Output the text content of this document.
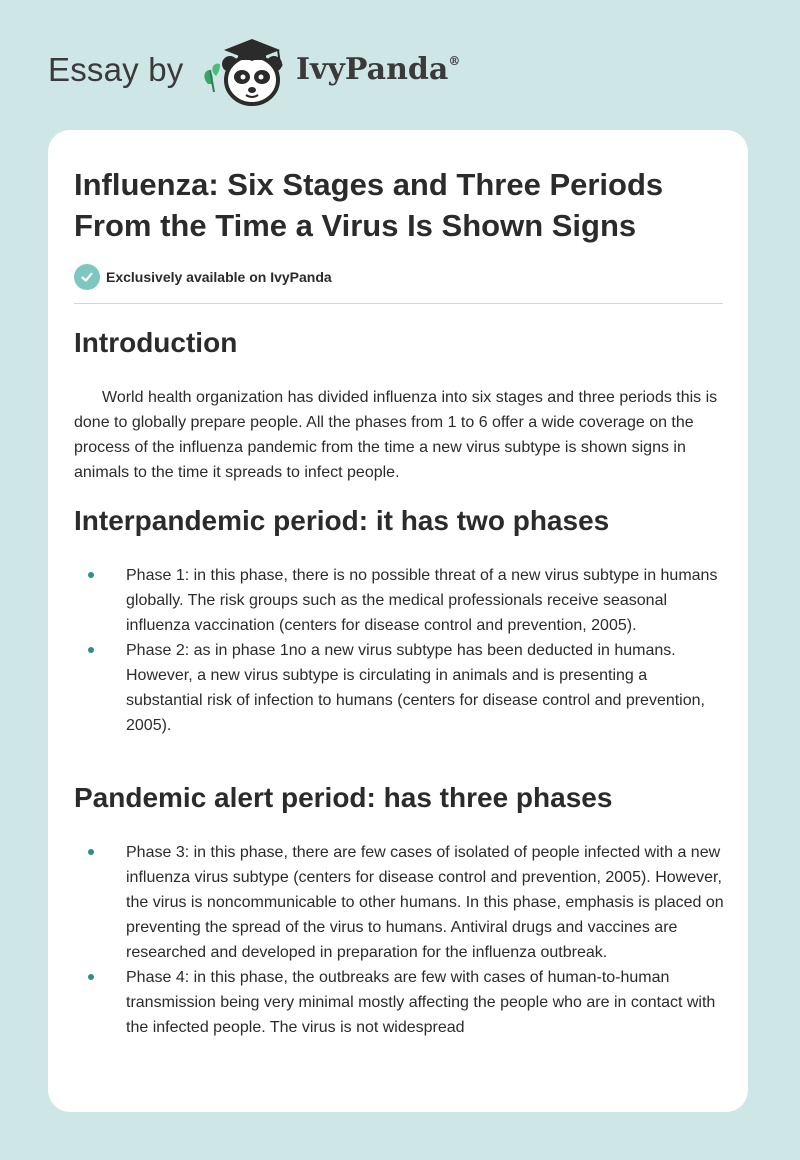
Essay by	IvyPanda®
Influenza: Six Stages and Three Periods From the Time a Virus Is Shown Signs
Exclusively available on IvyPanda
Introduction

World health organization has divided influenza into six stages and three periods this is done to globally prepare people. All the phases from 1 to 6 offer a wide coverage on the process of the influenza pandemic from the time a new virus subtype is shown signs in animals to the time it spreads to infect people.

Interpandemic period: it has two phases
Phase 1: in this phase, there is no possible threat of a new virus subtype in humans globally. The risk groups such as the medical professionals receive seasonal influenza vaccination (centers for disease control and prevention, 2005).
Phase 2: as in phase 1no a new virus subtype has been deducted in humans. However, a new virus subtype is circulating in animals and is presenting a substantial risk of infection to humans (centers for disease control and prevention, 2005).
Pandemic alert period: has three phases
Phase 3: in this phase, there are few cases of isolated of people infected with a new influenza virus subtype (centers for disease control and prevention, 2005). However, the virus is noncommunicable to other humans. In this phase, emphasis is placed on preventing the spread of the virus to humans. Antiviral drugs and vaccines are researched and developed in preparation for the influenza outbreak.
Phase 4: in this phase, the outbreaks are few with cases of human-to-human transmission being very minimal mostly affecting the people who are in contact with the infected people. The virus is not widespread
